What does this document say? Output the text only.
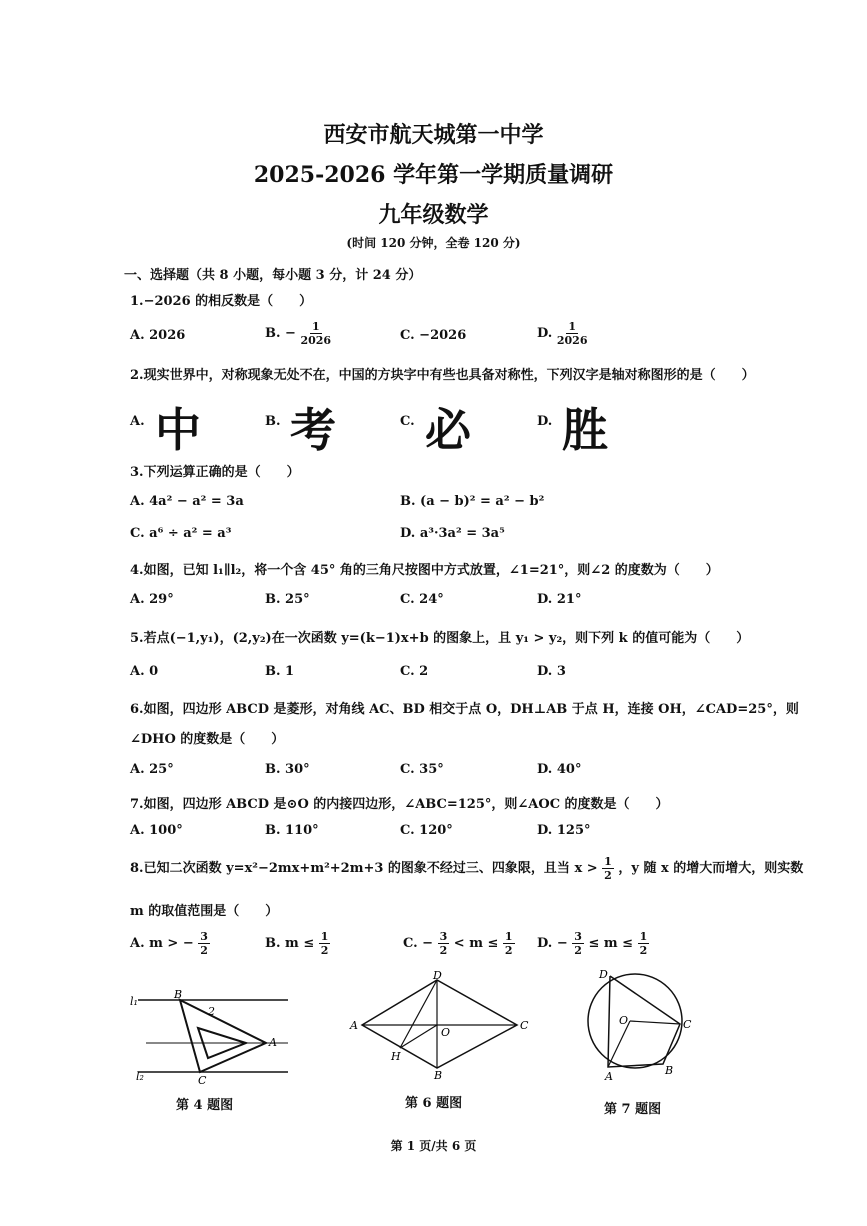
西安市航天城第一中学
2025-2026 学年第一学期质量调研
九年级数学
(时间 120 分钟，全卷 120 分)
一、选择题（共 8 小题，每小题 3 分，计 24 分）
1.−2026 的相反数是（　　）
A. 2026	B. − $\frac{1}{2026}$	C. −2026	D. $\frac{1}{2026}$
2.现实世界中，对称现象无处不在，中国的方块字中有些也具备对称性，下列汉字是轴对称图形的是（　　）
A. 中	B. 考	C. 必	D. 胜
3.下列运算正确的是（　　）
A. 4a² − a² = 3a	B. (a − b)² = a² − b²
C. a⁶ ÷ a² = a³	D. a³·3a² = 3a⁵
4.如图，已知 l₁∥l₂，将一个含 45° 角的三角尺按图中方式放置，∠1=21°，则∠2 的度数为（　　）
A. 29°	B. 25°	C. 24°	D. 21°
5.若点(−1,y₁)，(2,y₂)在一次函数 y=(k−1)x+b 的图象上，且 y₁ > y₂，则下列 k 的值可能为（　　）
A. 0	B. 1	C. 2	D. 3
6.如图，四边形 ABCD 是菱形，对角线 AC、BD 相交于点 O，DH⊥AB 于点 H，连接 OH，∠CAD=25°，则
∠DHO 的度数是（　　）
A. 25°	B. 30°	C. 35°	D. 40°
7.如图，四边形 ABCD 是⊙O 的内接四边形，∠ABC=125°，则∠AOC 的度数是（　　）
A. 100°	B. 110°	C. 120°	D. 125°
8.已知二次函数 y=x²−2mx+m²+2m+3 的图象不经过三、四象限，且当 $x > \frac{1}{2}$ ，y 随 x 的增大而增大，则实数
m 的取值范围是（　　）
A. m > − $\frac{3}{2}$	B. $m \le \frac{1}{2}$	C. − $\frac{3}{2} < m \le \frac{1}{2} D$. − $\frac{3}{2} \le m \le \frac{1}{2}$
l₁
l₂
B
2
A
C
第 4 题图
D
A	C
O
H
B
第 6 题图
D
O	C
B
A
第 7 题图
第 1 页/共 6 页
